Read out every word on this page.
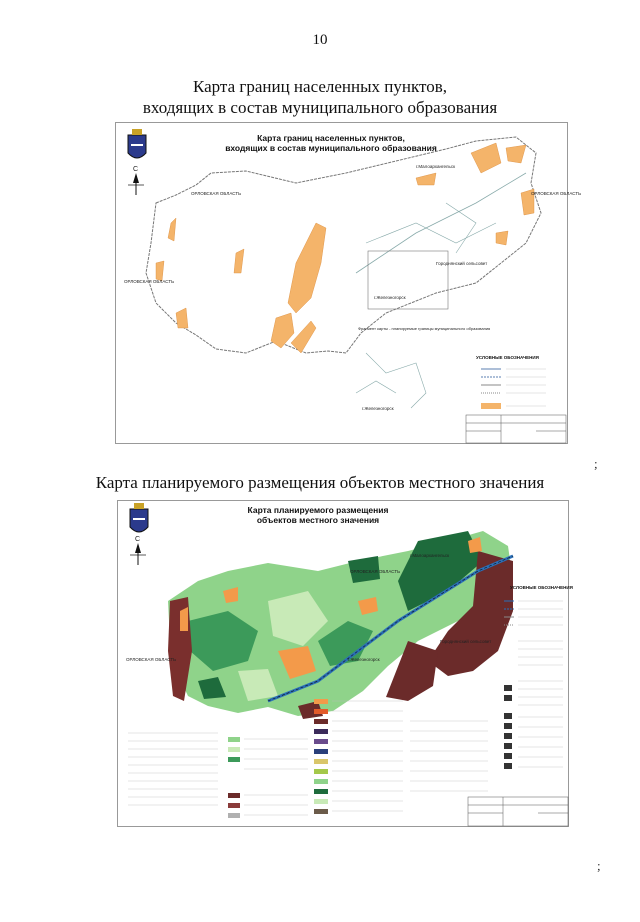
10
Карта границ населенных пунктов,
входящих в состав муниципального образования
С
Карта границ населенных пунктов,
входящих в состав муниципального образования
ОРЛОВСКАЯ ОБЛАСТЬ
ОРЛОВСКАЯ ОБЛАСТЬ
ОРЛОВСКАЯ ОБЛАСТЬ
г.Малоархангельск
г.Железногорск
Городнянский сельсовет
Фрагмент карты - планируемые границы муниципального образования
г.Железногорск
УСЛОВНЫЕ ОБОЗНАЧЕНИЯ
;
Карта планируемого размещения объектов местного значения
С
Карта планируемого размещения
объектов местного значения
ОРЛОВСКАЯ ОБЛАСТЬ
ОРЛОВСКАЯ ОБЛАСТЬ
г.Малоархангельск
г.Железногорск
Городнянский сельсовет
УСЛОВНЫЕ ОБОЗНАЧЕНИЯ
;
